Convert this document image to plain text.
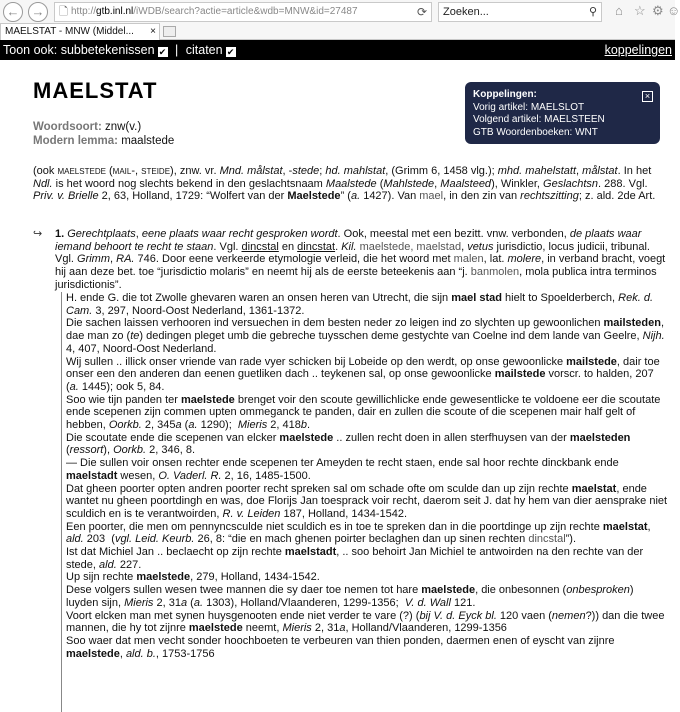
← →	🗋 http://gtb.inl.nl/iWDB/search?actie=article&wdb=MNW&id=27487	⟳	Zoeken...	⚲ ⌂ ☆ ⚙ ☺
MAELSTAT - MNW (Middel... ×
Toon ook: subbetekenissen ✔ | citaten ✔	koppelingen
MAELSTAT
Woordsoort: znw(v.)
Modern lemma: maalstede
Koppelingen:
Vorig artikel: MAELSLOT
Volgend artikel: MAELSTEEN
GTB Woordenboeken: WNT
×
(ook maelstede (mail-, steide), znw. vr. Mnd. målstat, -stede; hd. mahlstat, (Grimm 6, 1458 vlg.); mhd. mahelstatt, målstat. In het Ndl. is het woord nog slechts bekend in den geslachtsnaam Maalstede (Mahlstede, Maalsteed), Winkler, Geslachtsn. 288. Vgl. Priv. v. Brielle 2, 63, Holland, 1729: “Wolfert van der Maelstede” (a. 1427). Van mael, in den zin van rechtszitting; z. ald. 2de Art.
↪ 1. Gerechtplaats, eene plaats waar recht gesproken wordt. Ook, meestal met een bezitt. vnw. verbonden, de plaats waar iemand behoort te recht te staan. Vgl. dincstal en dincstat. Kil. maelstede, maelstad, vetus jurisdictio, locus judicii, tribunal. Vgl. Grimm, RA. 746. Door eene verkeerde etymologie verleid, die het woord met malen, lat. molere, in verband bracht, voegt hij aan deze bet. toe “jurisdictio molaris” en neemt hij als de eerste beteekenis aan “j. banmolen, mola publica intra terminos jurisdictionis”.

H. ende G. die tot Zwolle ghevaren waren an onsen heren van Utrecht, die sijn mael stad hielt to Spoelderberch, Rek. d. Cam. 3, 297, Noord-Oost Nederland, 1361-1372.

Die sachen laissen verhooren ind versuechen in dem besten neder zo leigen ind zo slychten up gewoonlichen mailsteden, dae man zo (te) dedingen pleget umb die gebreche tuysschen deme gestychte van Coelne ind dem lande van Geelre, Nijh. 4, 407, Noord-Oost Nederland.

Wij sullen .. illick onser vriende van rade vyer schicken bij Lobeide op den werdt, op onse gewoonlicke mailstede, dair toe onser een den anderen dan eenen guetliken dach .. teykenen sal, op onse gewoonlicke mailstede vorscr. to halden, 207 (a. 1445); ook 5, 84.

Soo wie tijn panden ter maelstede brenget voir den scoute gewillichlicke ende gewesentlicke te voldoene eer die scoutate ende scepenen zijn commen upten ommeganck te panden, dair en zullen die scoute of die scepenen mair half gelt of hebben, Oorkb. 2, 345a (a. 1290);  Mieris 2, 418b.

Die scoutate ende die scepenen van elcker maelstede .. zullen recht doen in allen sterfhuysen van der maelsteden (ressort), Oorkb. 2, 346, 8.

— Die sullen voir onsen rechter ende scepenen ter Ameyden te recht staen, ende sal hoor rechte dinckbank ende maelstadt wesen, O. Vaderl. R. 2, 16, 1485-1500.

Dat gheen poorter opten andren poorter recht spreken sal om schade ofte om sculde dan up zijn rechte maelstat, ende wantet nu gheen poortdingh en was, doe Florijs Jan toesprack voir recht, daerom seit J. dat hy hem van dier aensprake niet sculdich en is te verantwoirden, R. v. Leiden 187, Holland, 1434-1542.

Een poorter, die men om pennyncsculde niet sculdich es in toe te spreken dan in die poortdinge up zijn rechte maelstat, ald. 203  (vgl. Leid. Keurb. 26, 8: “die en mach ghenen poirter beclaghen dan up sinen rechten dincstal”).

Ist dat Michiel Jan .. beclaecht op zijn rechte maelstadt, .. soo behoirt Jan Michiel te antwoirden na den rechte van der stede, ald. 227.

Up sijn rechte maelstede, 279, Holland, 1434-1542.

Dese volgers sullen wesen twee mannen die sy daer toe nemen tot hare maelstede, die onbesonnen (onbesproken) luyden sijn, Mieris 2, 31a (a. 1303), Holland/Vlaanderen, 1299-1356;  V. d. Wall 121.

Voort elcken man met synen huysgenooten ende niet verder te vare (?) (bij V. d. Eyck bl. 120 vaen (nemen?)) dan die twee mannen, die hy tot zijnre maelstede neemt, Mieris 2, 31a, Holland/Vlaanderen, 1299-1356

Soo waer dat men vecht sonder hoochboeten te verbeuren van thien ponden, daermen enen of eyscht van zijnre maelstede, ald. b., 1753-1756
